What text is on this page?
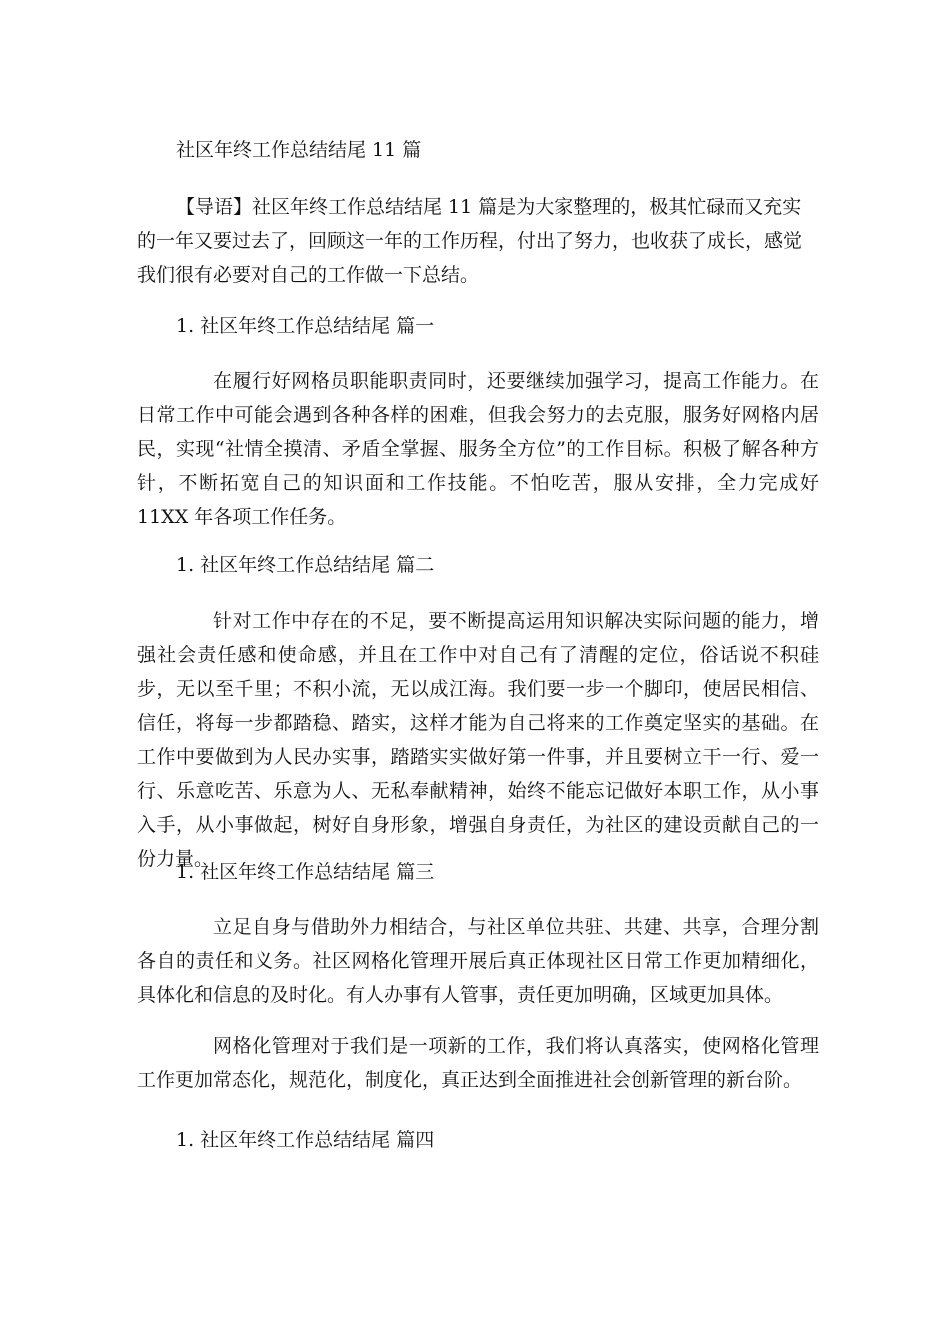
社区年终工作总结结尾 11 篇
【导语】社区年终工作总结结尾 11 篇是为大家整理的，极其忙碌而又充实的一年又要过去了，回顾这一年的工作历程，付出了努力，也收获了成长，感觉我们很有必要对自己的工作做一下总结。
1. 社区年终工作总结结尾 篇一
在履行好网格员职能职责同时，还要继续加强学习，提高工作能力。在日常工作中可能会遇到各种各样的困难，但我会努力的去克服，服务好网格内居民，实现“社情全摸清、矛盾全掌握、服务全方位”的工作目标。积极了解各种方针，不断拓宽自己的知识面和工作技能。不怕吃苦，服从安排，全力完成好 11XX 年各项工作任务。
1. 社区年终工作总结结尾 篇二
针对工作中存在的不足，要不断提高运用知识解决实际问题的能力，增强社会责任感和使命感，并且在工作中对自己有了清醒的定位，俗话说不积硅步，无以至千里；不积小流，无以成江海。我们要一步一个脚印，使居民相信、信任，将每一步都踏稳、踏实，这样才能为自己将来的工作奠定坚实的基础。在工作中要做到为人民办实事，踏踏实实做好第一件事，并且要树立干一行、爱一行、乐意吃苦、乐意为人、无私奉献精神，始终不能忘记做好本职工作，从小事入手，从小事做起，树好自身形象，增强自身责任，为社区的建设贡献自己的一份力量。
1. 社区年终工作总结结尾 篇三
立足自身与借助外力相结合，与社区单位共驻、共建、共享，合理分割各自的责任和义务。社区网格化管理开展后真正体现社区日常工作更加精细化，具体化和信息的及时化。有人办事有人管事，责任更加明确，区域更加具体。
网格化管理对于我们是一项新的工作，我们将认真落实，使网格化管理工作更加常态化，规范化，制度化，真正达到全面推进社会创新管理的新台阶。
1. 社区年终工作总结结尾 篇四
